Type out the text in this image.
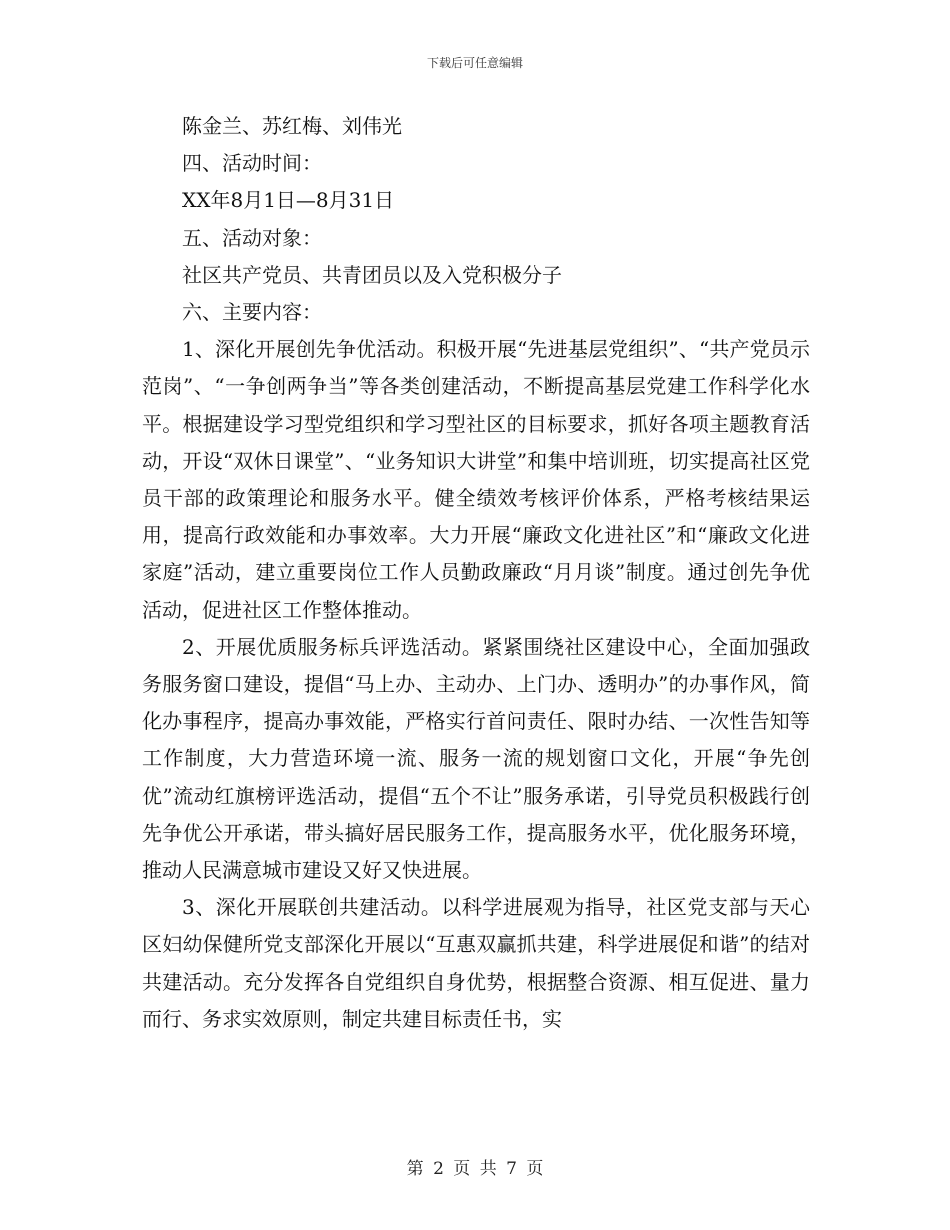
下载后可任意编辑

陈金兰、苏红梅、刘伟光

四、活动时间：

XX年8月1日—8月31日

五、活动对象：

社区共产党员、共青团员以及入党积极分子

六、主要内容：

1、深化开展创先争优活动。积极开展“先进基层党组织”、“共产党员示范岗”、“一争创两争当”等各类创建活动，不断提高基层党建工作科学化水平。根据建设学习型党组织和学习型社区的目标要求，抓好各项主题教育活动，开设“双休日课堂”、“业务知识大讲堂”和集中培训班，切实提高社区党员干部的政策理论和服务水平。健全绩效考核评价体系，严格考核结果运用，提高行政效能和办事效率。大力开展“廉政文化进社区”和“廉政文化进家庭”活动，建立重要岗位工作人员勤政廉政“月月谈”制度。通过创先争优活动，促进社区工作整体推动。

2、开展优质服务标兵评选活动。紧紧围绕社区建设中心，全面加强政务服务窗口建设，提倡“马上办、主动办、上门办、透明办”的办事作风，简化办事程序，提高办事效能，严格实行首问责任、限时办结、一次性告知等工作制度，大力营造环境一流、服务一流的规划窗口文化，开展“争先创优”流动红旗榜评选活动，提倡“五个不让”服务承诺，引导党员积极践行创先争优公开承诺，带头搞好居民服务工作，提高服务水平，优化服务环境，推动人民满意城市建设又好又快进展。

3、深化开展联创共建活动。以科学进展观为指导，社区党支部与天心区妇幼保健所党支部深化开展以“互惠双赢抓共建，科学进展促和谐”的结对共建活动。充分发挥各自党组织自身优势，根据整合资源、相互促进、量力而行、务求实效原则，制定共建目标责任书，实

第 2 页 共 7 页
